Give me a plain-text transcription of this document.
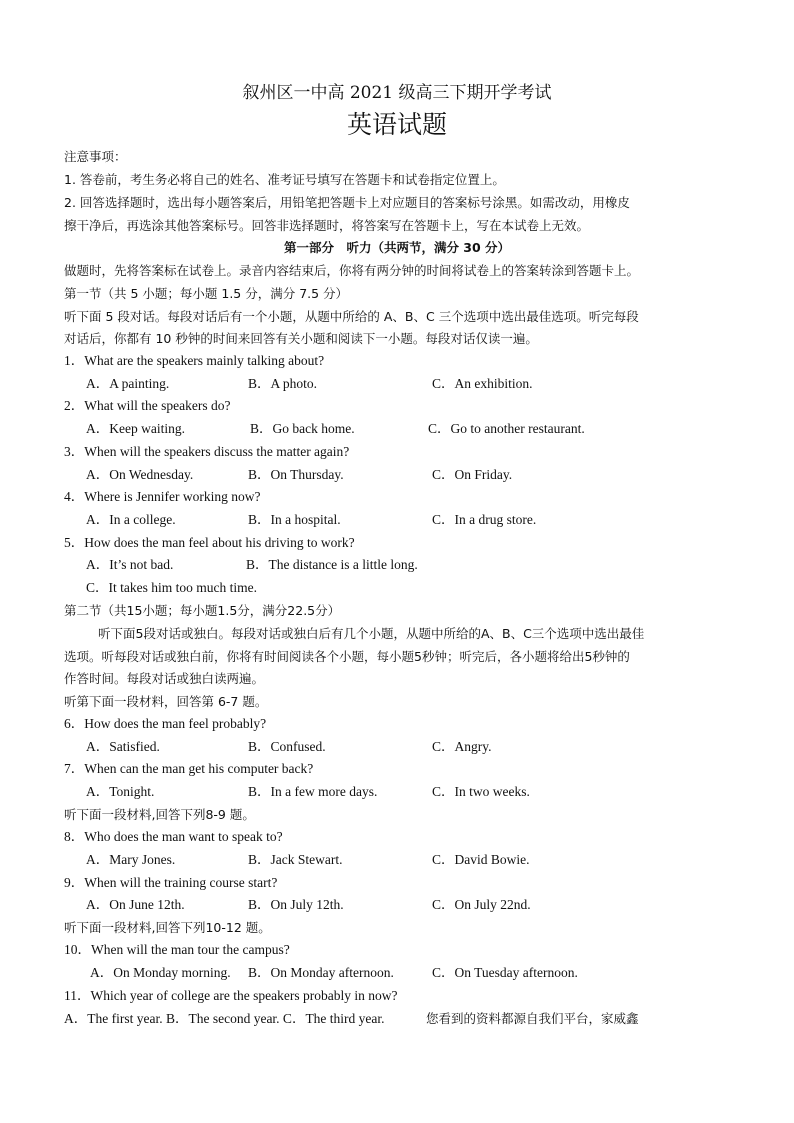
叙州区一中高 2021 级高三下期开学考试
英语试题
注意事项：
1. 答卷前，考生务必将自己的姓名、准考证号填写在答题卡和试卷指定位置上。
2. 回答选择题时，选出每小题答案后，用铅笔把答题卡上对应题目的答案标号涂黑。如需改动，用橡皮
擦干净后，再选涂其他答案标号。回答非选择题时，将答案写在答题卡上，写在本试卷上无效。
第一部分　听力（共两节，满分 30 分）
做题时，先将答案标在试卷上。录音内容结束后，你将有两分钟的时间将试卷上的答案转涂到答题卡上。
第一节（共 5 小题；每小题 1.5 分，满分 7.5 分）
听下面 5 段对话。每段对话后有一个小题，从题中所给的 A、B、C 三个选项中选出最佳选项。听完每段
对话后，你都有 10 秒钟的时间来回答有关小题和阅读下一小题。每段对话仅读一遍。
1．What are the speakers mainly talking about?
A．A painting.	B．A photo.	C．An exhibition.
2．What will the speakers do?
A．Keep waiting.	B．Go back home.	C．Go to another restaurant.
3．When will the speakers discuss the matter again?
A．On Wednesday.	B．On Thursday.	C．On Friday.
4．Where is Jennifer working now?
A．In a college.	B．In a hospital.	C．In a drug store.
5．How does the man feel about his driving to work?
A．It’s not bad.	B．The distance is a little long.
C．It takes him too much time.
第二节（共15小题；每小题1.5分，满分22.5分）
听下面5段对话或独白。每段对话或独白后有几个小题，从题中所给的A、B、C三个选项中选出最佳
选项。听每段对话或独白前，你将有时间阅读各个小题，每小题5秒钟；听完后，各小题将给出5秒钟的
作答时间。每段对话或独白读两遍。
听第下面一段材料，回答第 6-7 题。
6．How does the man feel probably?
A．Satisfied.	B．Confused.	C．Angry.
7．When can the man get his computer back?
A．Tonight.	B．In a few more days.	C．In two weeks.
听下面一段材料,回答下列8-9 题。
8．Who does the man want to speak to?
A．Mary Jones.	B．Jack Stewart.	C．David Bowie.
9．When will the training course start?
A．On June 12th.	B．On July 12th.	C．On July 22nd.
听下面一段材料,回答下列10-12 题。
10．When will the man tour the campus?
A．On Monday morning. B．On Monday afternoon.	C．On Tuesday afternoon.
11．Which year of college are the speakers probably in now?
A．The first year. B．The second year. C．The third year.	您看到的资料都源自我们平台，家威鑫
